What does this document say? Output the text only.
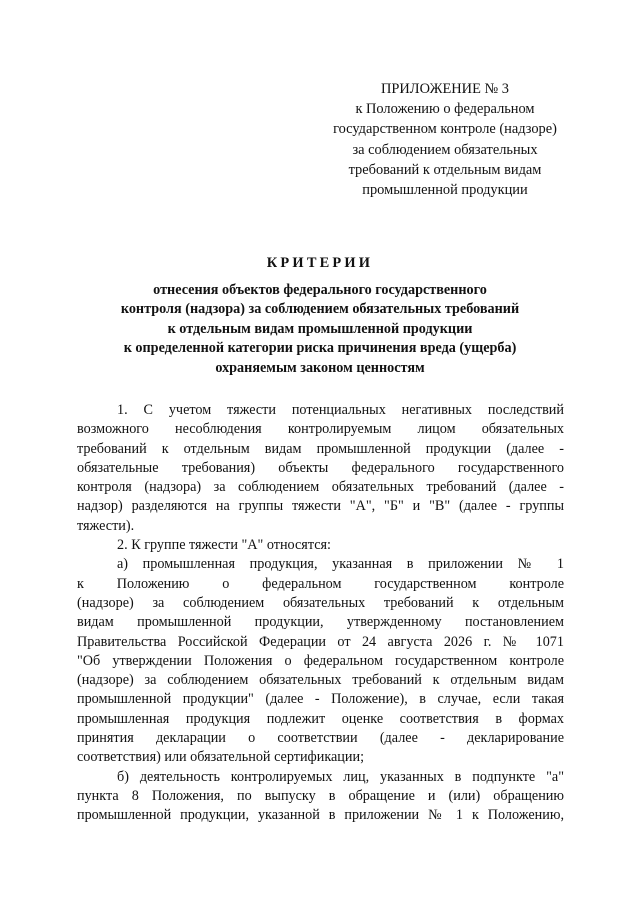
ПРИЛОЖЕНИЕ № 3
к Положению о федеральном
государственном контроле (надзоре)
за соблюдением обязательных
требований к отдельным видам
промышленной продукции
КРИТЕРИИ
отнесения объектов федерального государственного
контроля (надзора) за соблюдением обязательных требований
к отдельным видам промышленной продукции
к определенной категории риска причинения вреда (ущерба)
охраняемым законом ценностям
1. С учетом тяжести потенциальных негативных последствий
возможного несоблюдения контролируемым лицом обязательных
требований к отдельным видам промышленной продукции (далее -
обязательные требования) объекты федерального государственного
контроля (надзора) за соблюдением обязательных требований (далее -
надзор) разделяются на группы тяжести "А", "Б" и "В" (далее - группы
тяжести).
2. К группе тяжести "А" относятся:
а) промышленная продукция, указанная в приложении № 1
к Положению о федеральном государственном контроле
(надзоре) за соблюдением обязательных требований к отдельным
видам промышленной продукции, утвержденному постановлением
Правительства Российской Федерации от 24 августа 2026 г. № 1071
"Об утверждении Положения о федеральном государственном контроле
(надзоре) за соблюдением обязательных требований к отдельным видам
промышленной продукции" (далее - Положение), в случае, если такая
промышленная продукция подлежит оценке соответствия в формах
принятия декларации о соответствии (далее - декларирование
соответствия) или обязательной сертификации;
б) деятельность контролируемых лиц, указанных в подпункте "а"
пункта 8 Положения, по выпуску в обращение и (или) обращению
промышленной продукции, указанной в приложении № 1 к Положению,
